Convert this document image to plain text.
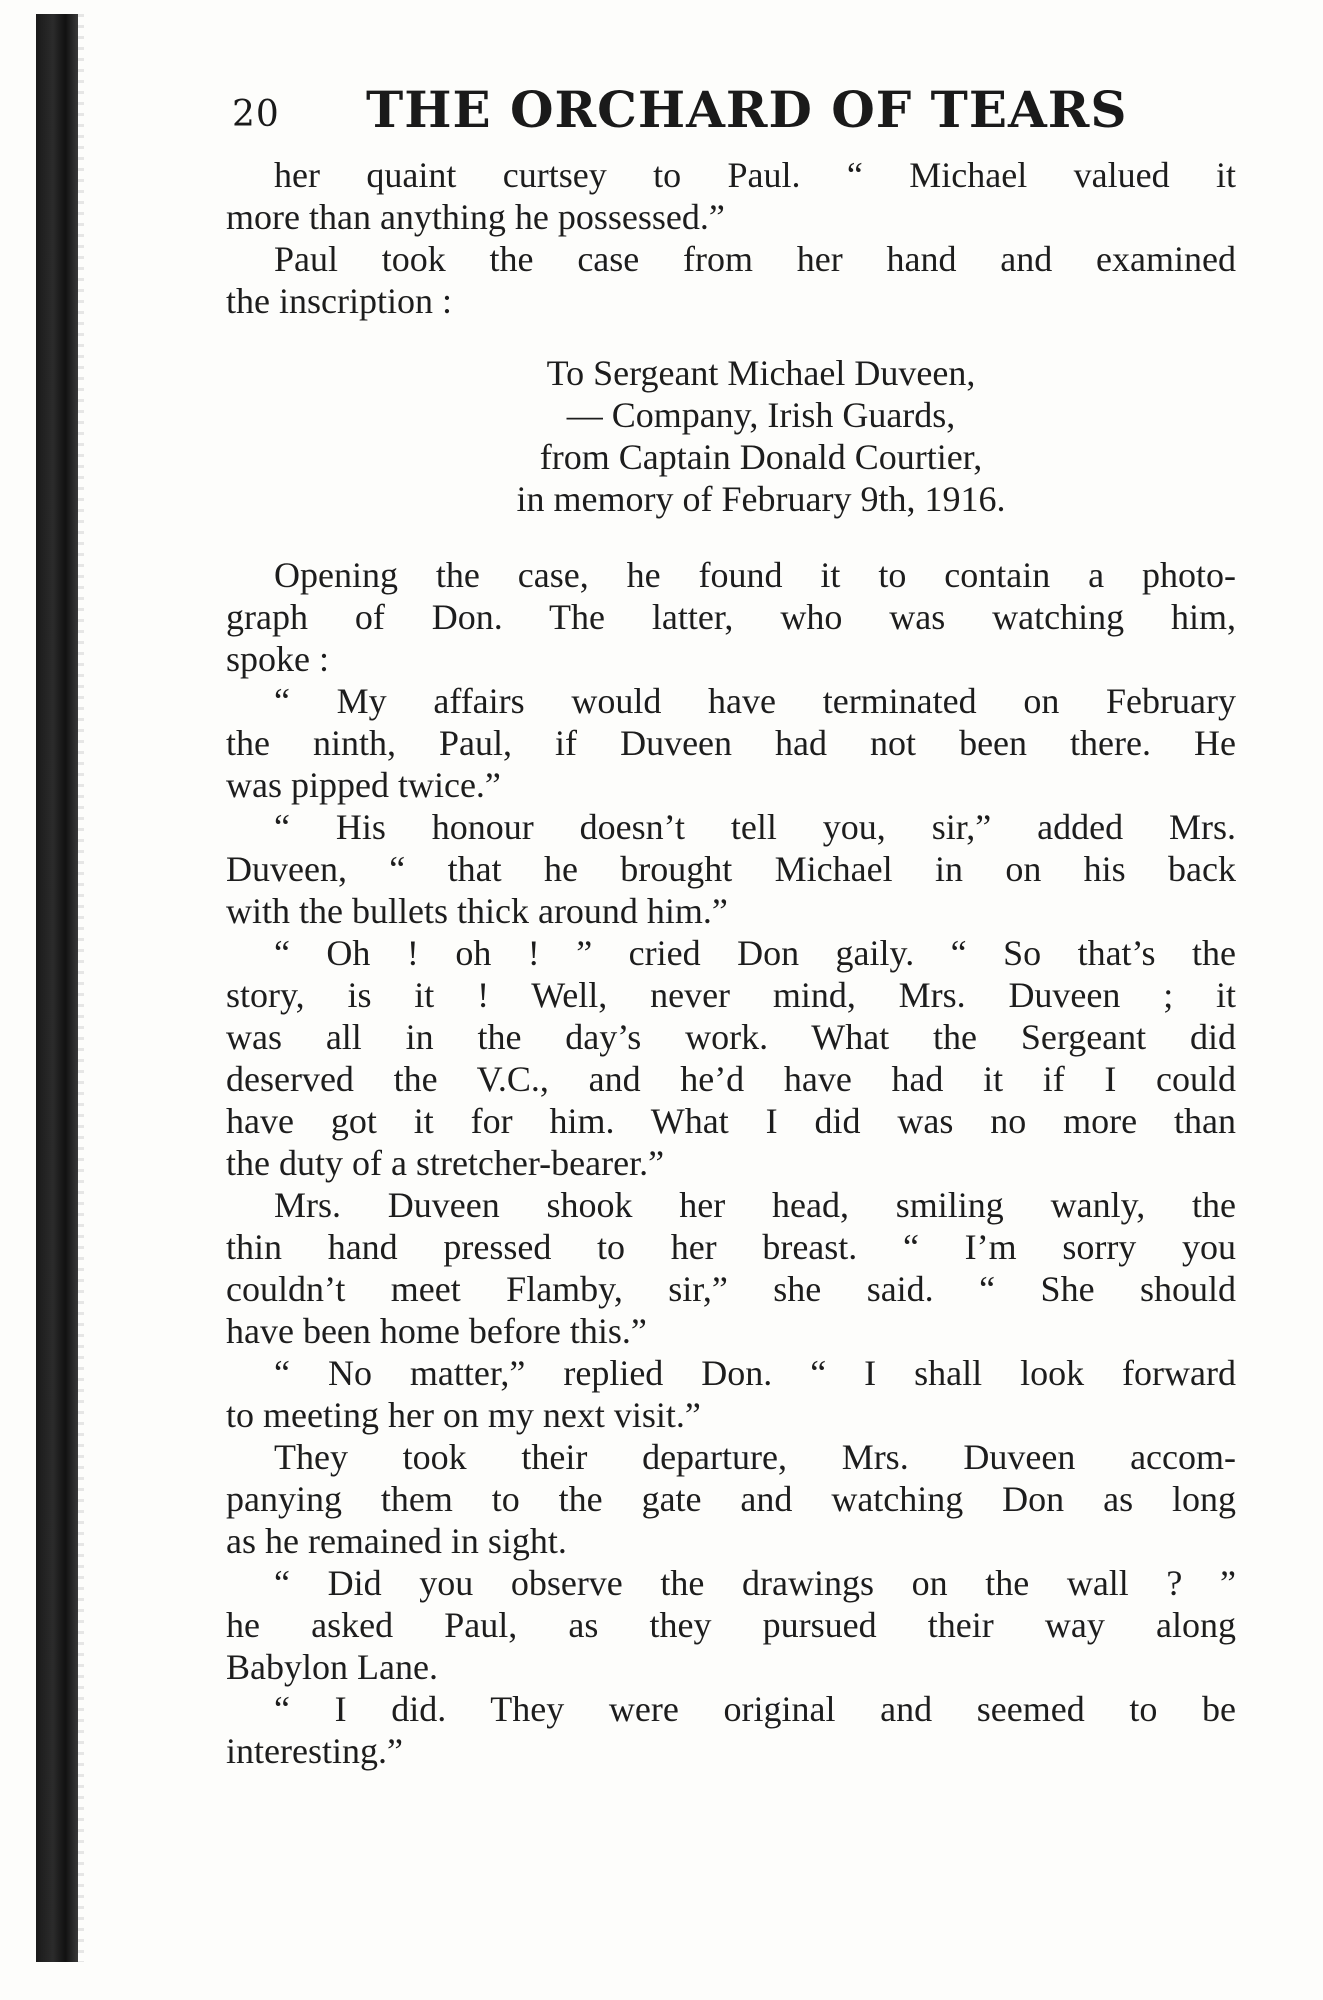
20 THE ORCHARD OF TEARS
her quaint curtsey to Paul. “ Michael valued it
more than anything he possessed.”
Paul took the case from her hand and examined
the inscription :
To Sergeant Michael Duveen,
— Company, Irish Guards,
from Captain Donald Courtier,
in memory of February 9th, 1916.
Opening the case, he found it to contain a photo-
graph of Don. The latter, who was watching him,
spoke :
“ My affairs would have terminated on February
the ninth, Paul, if Duveen had not been there. He
was pipped twice.”
“ His honour doesn’t tell you, sir,” added Mrs.
Duveen, “ that he brought Michael in on his back
with the bullets thick around him.”
“ Oh ! oh ! ” cried Don gaily. “ So that’s the
story, is it ! Well, never mind, Mrs. Duveen ; it
was all in the day’s work. What the Sergeant did
deserved the V.C., and he’d have had it if I could
have got it for him. What I did was no more than
the duty of a stretcher-bearer.”
Mrs. Duveen shook her head, smiling wanly, the
thin hand pressed to her breast. “ I’m sorry you
couldn’t meet Flamby, sir,” she said. “ She should
have been home before this.”
“ No matter,” replied Don. “ I shall look forward
to meeting her on my next visit.”
They took their departure, Mrs. Duveen accom-
panying them to the gate and watching Don as long
as he remained in sight.
“ Did you observe the drawings on the wall ? ”
he asked Paul, as they pursued their way along
Babylon Lane.
“ I did. They were original and seemed to be
interesting.”
